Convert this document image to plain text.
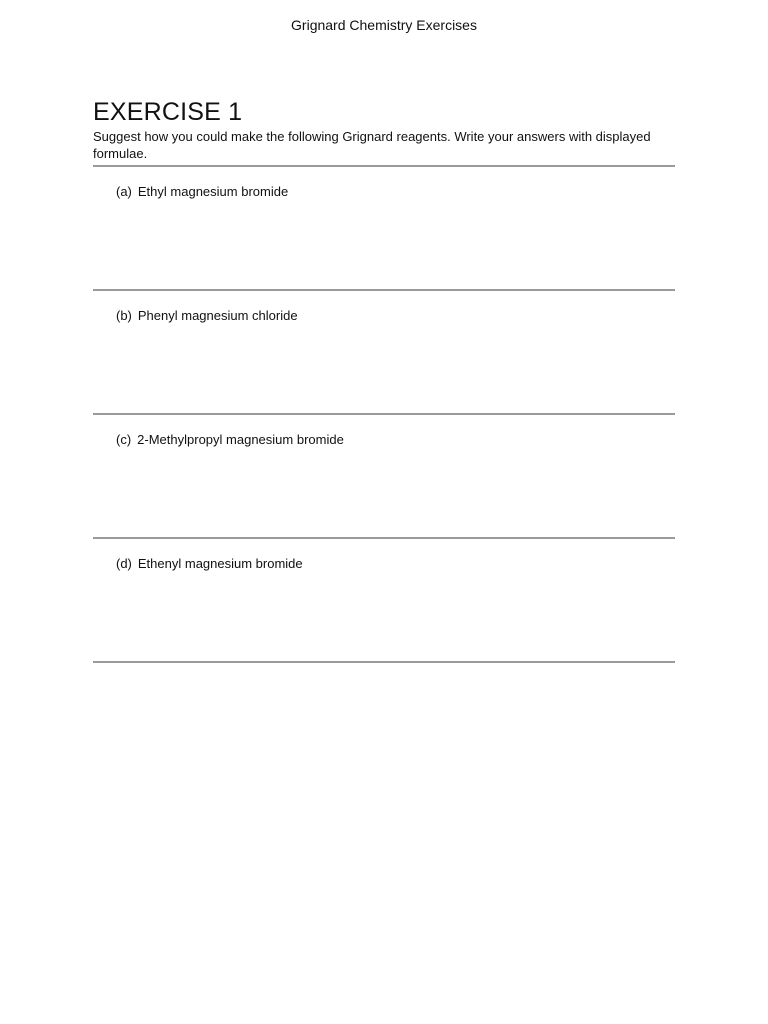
Grignard Chemistry Exercises
EXERCISE 1

Suggest how you could make the following Grignard reagents. Write your answers with displayed formulae.

(a) Ethyl magnesium bromide
(b) Phenyl magnesium chloride
(c) 2-Methylpropyl magnesium bromide
(d) Ethenyl magnesium bromide
